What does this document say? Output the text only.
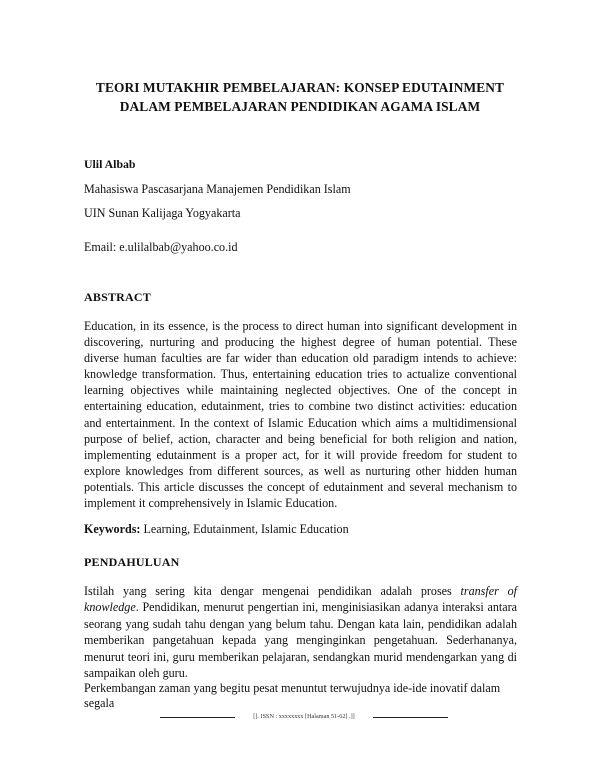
TEORI MUTAKHIR PEMBELAJARAN: KONSEP EDUTAINMENT
DALAM PEMBELAJARAN PENDIDIKAN AGAMA ISLAM
Ulil Albab
Mahasiswa Pascasarjana Manajemen Pendidikan Islam
UIN Sunan Kalijaga Yogyakarta
Email: e.ulilalbab@yahoo.co.id
ABSTRACT
Education, in its essence, is the process to direct human into significant development in discovering, nurturing and producing the highest degree of human potential. These diverse human faculties are far wider than education old paradigm intends to achieve: knowledge transformation. Thus, entertaining education tries to actualize conventional learning objectives while maintaining neglected objectives. One of the concept in entertaining education, edutainment, tries to combine two distinct activities: education and entertainment. In the context of Islamic Education which aims a multidimensional purpose of belief, action, character and being beneficial for both religion and nation, implementing edutainment is a proper act, for it will provide freedom for student to explore knowledges from different sources, as well as nurturing other hidden human potentials. This article discusses the concept of edutainment and several mechanism to implement it comprehensively in Islamic Education.
Keywords: Learning, Edutainment, Islamic Education
PENDAHULUAN
Istilah yang sering kita dengar mengenai pendidikan adalah proses transfer of knowledge. Pendidikan, menurut pengertian ini, menginisiasikan adanya interaksi antara seorang yang sudah tahu dengan yang belum tahu. Dengan kata lain, pendidikan adalah memberikan pangetahuan kepada yang menginginkan pengetahuan. Sederhananya, menurut teori ini, guru memberikan pelajaran, sendangkan murid mendengarkan yang di sampaikan oleh guru.
Perkembangan zaman yang begitu pesat menuntut terwujudnya ide-ide inovatif dalam segala
[]. ISSN : xxxxxxxx [Halaman 51-62] .]]
